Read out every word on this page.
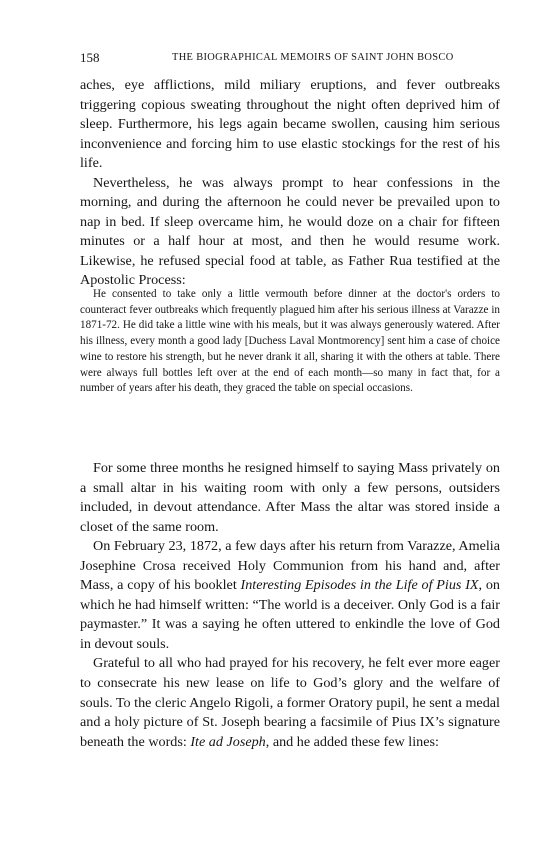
158	THE BIOGRAPHICAL MEMOIRS OF SAINT JOHN BOSCO

aches, eye afflictions, mild miliary eruptions, and fever outbreaks triggering copious sweating throughout the night often deprived him of sleep. Furthermore, his legs again became swollen, causing him serious inconvenience and forcing him to use elastic stockings for the rest of his life.

Nevertheless, he was always prompt to hear confessions in the morning, and during the afternoon he could never be prevailed upon to nap in bed. If sleep overcame him, he would doze on a chair for fifteen minutes or a half hour at most, and then he would resume work. Likewise, he refused special food at table, as Father Rua testified at the Apostolic Process:

He consented to take only a little vermouth before dinner at the doctor's orders to counteract fever outbreaks which frequently plagued him after his serious illness at Varazze in 1871-72. He did take a little wine with his meals, but it was always generously watered. After his illness, every month a good lady [Duchess Laval Montmorency] sent him a case of choice wine to restore his strength, but he never drank it all, sharing it with the others at table. There were always full bottles left over at the end of each month—so many in fact that, for a number of years after his death, they graced the table on special occasions.

For some three months he resigned himself to saying Mass privately on a small altar in his waiting room with only a few persons, outsiders included, in devout attendance. After Mass the altar was stored inside a closet of the same room.

On February 23, 1872, a few days after his return from Varazze, Amelia Josephine Crosa received Holy Communion from his hand and, after Mass, a copy of his booklet Interesting Episodes in the Life of Pius IX, on which he had himself written: “The world is a deceiver. Only God is a fair paymaster.” It was a saying he often uttered to enkindle the love of God in devout souls.

Grateful to all who had prayed for his recovery, he felt ever more eager to consecrate his new lease on life to God’s glory and the welfare of souls. To the cleric Angelo Rigoli, a former Oratory pupil, he sent a medal and a holy picture of St. Joseph bearing a facsimile of Pius IX’s signature beneath the words: Ite ad Joseph, and he added these few lines:
